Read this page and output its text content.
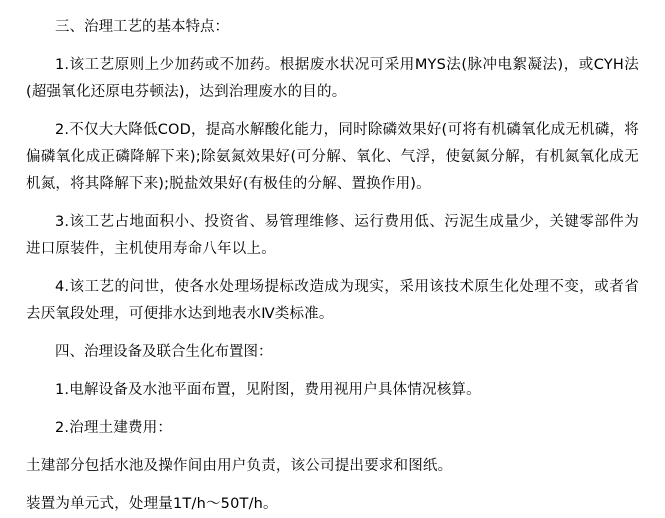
三、治理工艺的基本特点：

1.该工艺原则上少加药或不加药。根据废水状况可采用MYS法(脉冲电絮凝法)，或CYH法(超强氧化还原电芬顿法)，达到治理废水的目的。

2.不仅大大降低COD，提高水解酸化能力，同时除磷效果好(可将有机磷氧化成无机磷，将偏磷氧化成正磷降解下来);除氨氮效果好(可分解、氧化、气浮，使氨氮分解，有机氮氧化成无机氮，将其降解下来);脱盐效果好(有极佳的分解、置换作用)。

3.该工艺占地面积小、投资省、易管理维修、运行费用低、污泥生成量少，关键零部件为进口原装件，主机使用寿命八年以上。

4.该工艺的问世，使各水处理场提标改造成为现实，采用该技术原生化处理不变，或者省去厌氧段处理，可便排水达到地表水Ⅳ类标准。

四、治理设备及联合生化布置图：

1.电解设备及水池平面布置，见附图，费用视用户具体情况核算。

2.治理土建费用：

土建部分包括水池及操作间由用户负责，该公司提出要求和图纸。

装置为单元式，处理量1T/h～50T/h。
